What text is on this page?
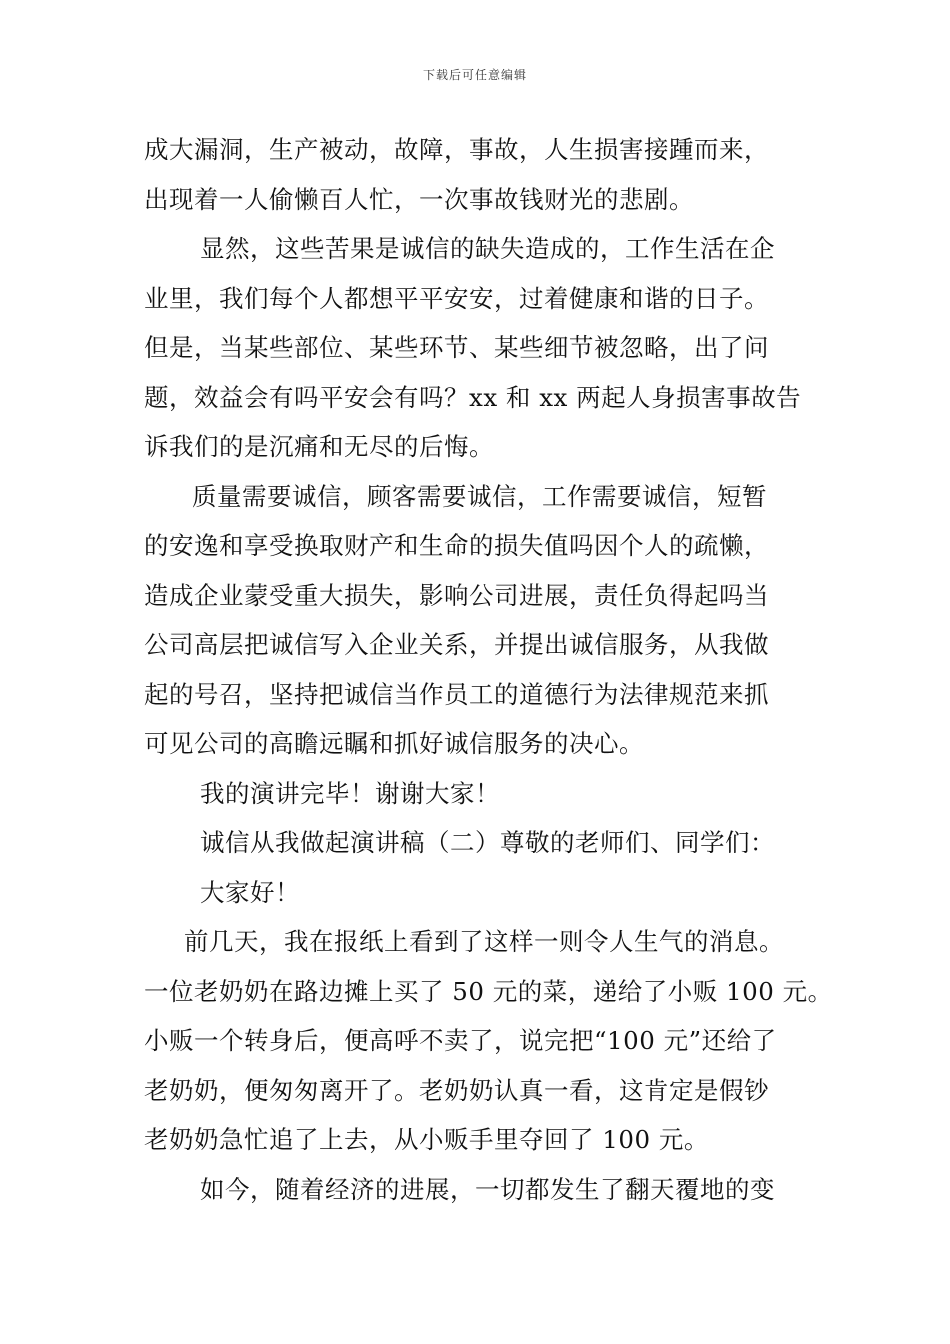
下载后可任意编辑
成大漏洞，生产被动，故障，事故，人生损害接踵而来，
出现着一人偷懒百人忙，一次事故钱财光的悲剧。
显然，这些苦果是诚信的缺失造成的，工作生活在企
业里，我们每个人都想平平安安，过着健康和谐的日子。
但是，当某些部位、某些环节、某些细节被忽略，出了问
题，效益会有吗平安会有吗？xx 和 xx 两起人身损害事故告
诉我们的是沉痛和无尽的后悔。
质量需要诚信，顾客需要诚信，工作需要诚信，短暂
的安逸和享受换取财产和生命的损失值吗因个人的疏懒，
造成企业蒙受重大损失，影响公司进展，责任负得起吗当
公司高层把诚信写入企业关系，并提出诚信服务，从我做
起的号召，坚持把诚信当作员工的道德行为法律规范来抓
可见公司的高瞻远瞩和抓好诚信服务的决心。
我的演讲完毕！谢谢大家！
诚信从我做起演讲稿（二）尊敬的老师们、同学们：
大家好！
前几天，我在报纸上看到了这样一则令人生气的消息。
一位老奶奶在路边摊上买了 50 元的菜，递给了小贩 100 元。
小贩一个转身后，便高呼不卖了，说完把“100 元”还给了
老奶奶，便匆匆离开了。老奶奶认真一看，这肯定是假钞
老奶奶急忙追了上去，从小贩手里夺回了 100 元。
如今，随着经济的进展，一切都发生了翻天覆地的变
